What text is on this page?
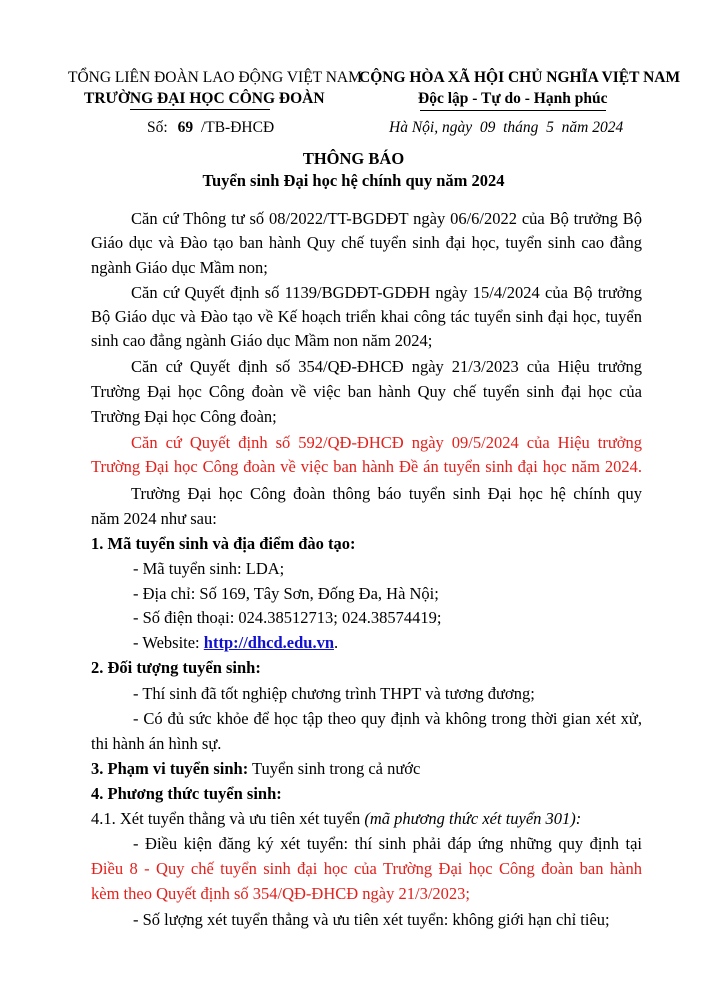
TỔNG LIÊN ĐOÀN LAO ĐỘNG VIỆT NAM
TRƯỜNG ĐẠI HỌC CÔNG ĐOÀN
CỘNG HÒA XÃ HỘI CHỦ NGHĨA VIỆT NAM
Độc lập - Tự do - Hạnh phúc
Số: 69 /TB-ĐHCĐ	Hà Nội, ngày  09  tháng  5  năm 2024
THÔNG BÁO
Tuyển sinh Đại học hệ chính quy năm 2024
Căn cứ Thông tư số 08/2022/TT-BGDĐT ngày 06/6/2022 của Bộ trưởng Bộ
Giáo dục và Đào tạo ban hành Quy chế tuyển sinh đại học, tuyển sinh cao đẳng
ngành Giáo dục Mầm non;
Căn cứ Quyết định số 1139/BGDĐT-GDĐH ngày 15/4/2024 của Bộ trưởng
Bộ Giáo dục và Đào tạo về Kế hoạch triển khai công tác tuyển sinh đại học, tuyển
sinh cao đẳng ngành Giáo dục Mầm non năm 2024;
Căn cứ Quyết định số 354/QĐ-ĐHCĐ ngày 21/3/2023 của Hiệu trưởng
Trường Đại học Công đoàn về việc ban hành Quy chế tuyển sinh đại học của
Trường Đại học Công đoàn;
Căn cứ Quyết định số 592/QĐ-ĐHCĐ ngày 09/5/2024 của Hiệu trưởng
Trường Đại học Công đoàn về việc ban hành Đề án tuyển sinh đại học năm 2024.
Trường Đại học Công đoàn thông báo tuyển sinh Đại học hệ chính quy
năm 2024 như sau:
1. Mã tuyển sinh và địa điểm đào tạo:
- Mã tuyển sinh: LDA;
- Địa chỉ: Số 169, Tây Sơn, Đống Đa, Hà Nội;
- Số điện thoại: 024.38512713; 024.38574419;
- Website: http://dhcd.edu.vn.
2. Đối tượng tuyển sinh:
- Thí sinh đã tốt nghiệp chương trình THPT và tương đương;
- Có đủ sức khỏe để học tập theo quy định và không trong thời gian xét xử,
thi hành án hình sự.
3. Phạm vi tuyển sinh: Tuyển sinh trong cả nước
4. Phương thức tuyển sinh:
4.1. Xét tuyển thẳng và ưu tiên xét tuyển (mã phương thức xét tuyển 301):
- Điều kiện đăng ký xét tuyển: thí sinh phải đáp ứng những quy định tại
Điều 8 - Quy chế tuyển sinh đại học của Trường Đại học Công đoàn ban hành
kèm theo Quyết định số 354/QĐ-ĐHCĐ ngày 21/3/2023;
- Số lượng xét tuyển thẳng và ưu tiên xét tuyển: không giới hạn chỉ tiêu;
